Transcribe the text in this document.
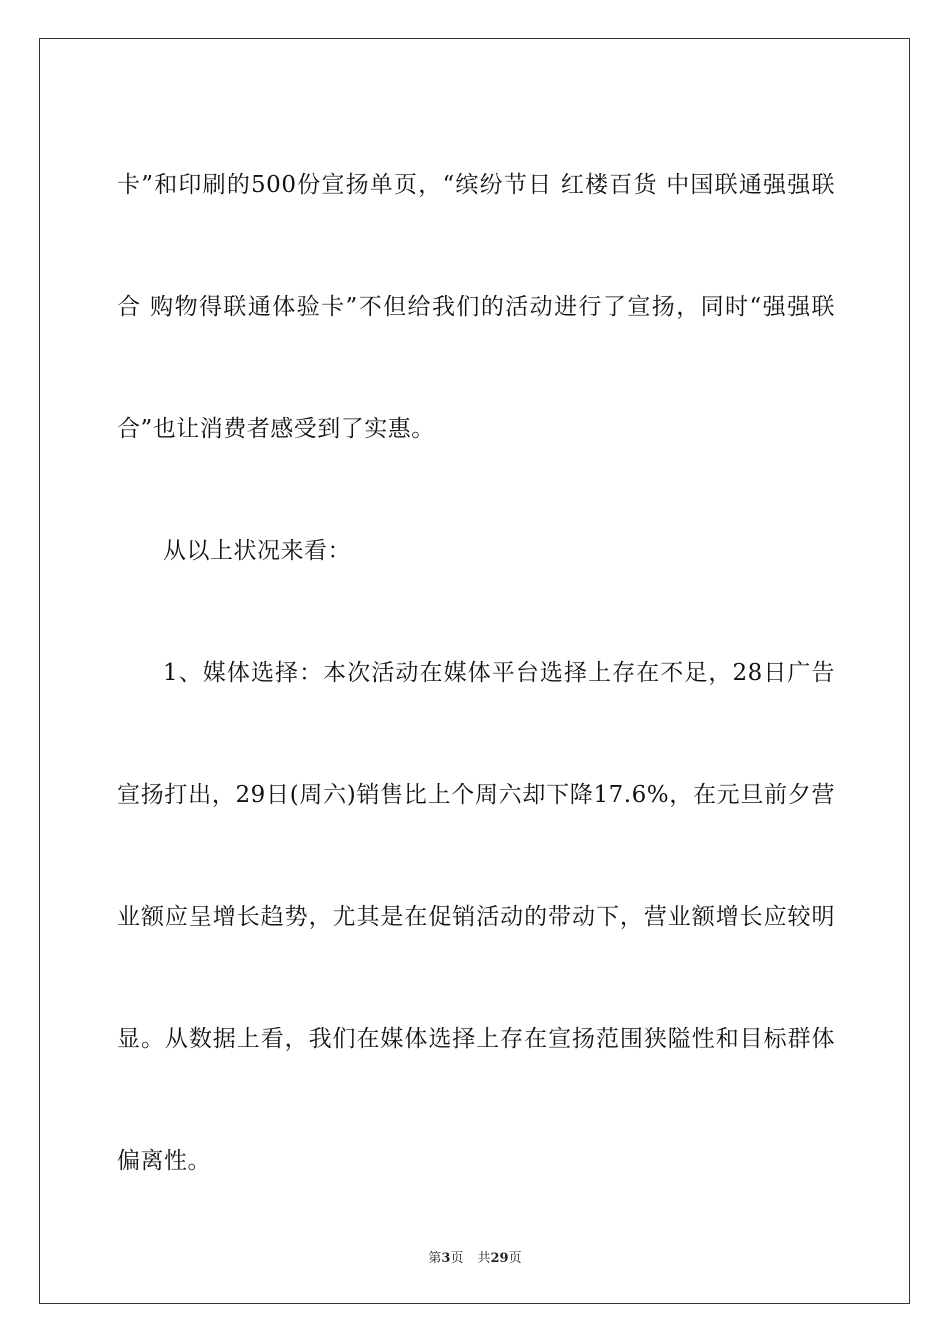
卡”和印刷的500份宣扬单页，“缤纷节日 红楼百货 中国联通强强联合 购物得联通体验卡”不但给我们的活动进行了宣扬，同时“强强联合”也让消费者感受到了实惠。

从以上状况来看：

1、媒体选择：本次活动在媒体平台选择上存在不足，28日广告宣扬打出，29日(周六)销售比上个周六却下降17.6%，在元旦前夕营业额应呈增长趋势，尤其是在促销活动的带动下，营业额增长应较明显。从数据上看，我们在媒体选择上存在宣扬范围狭隘性和目标群体偏离性。

第3页 共29页
